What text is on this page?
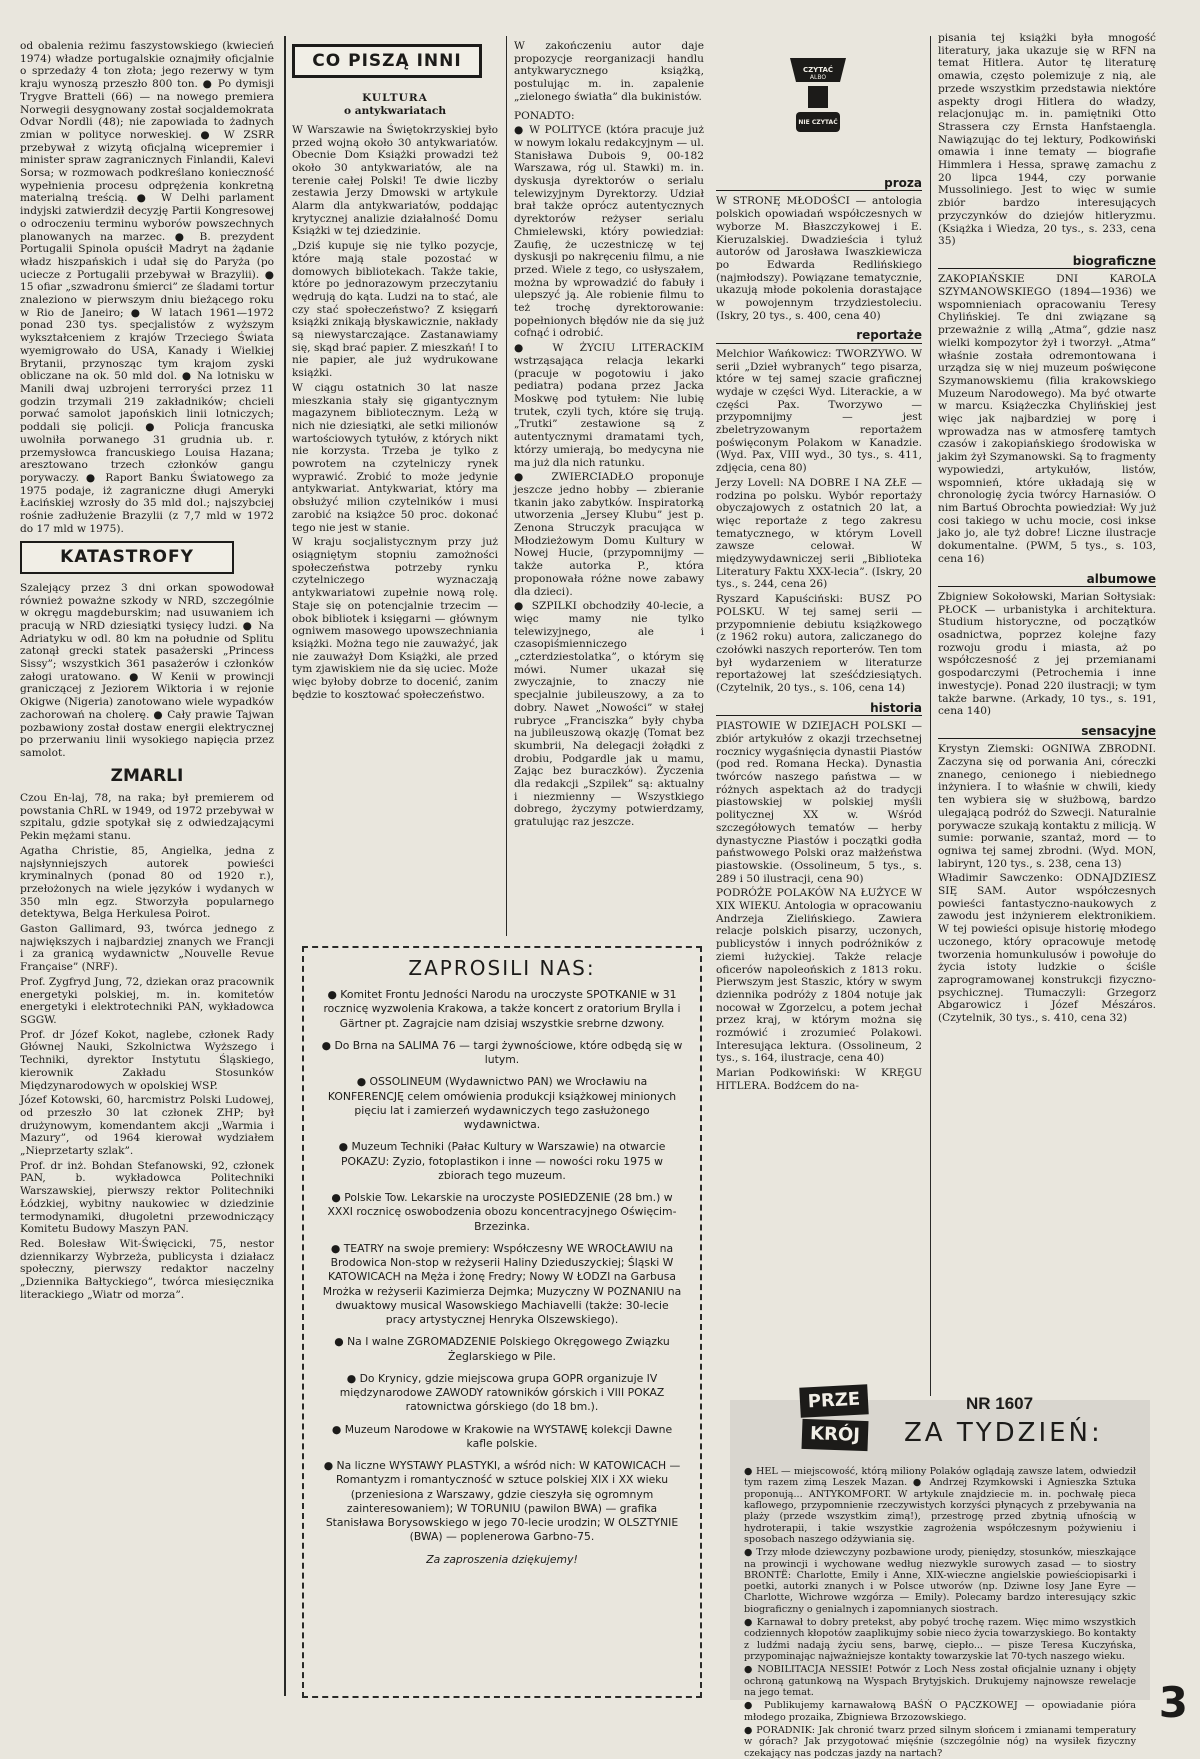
od obalenia reżimu faszystowskiego (kwiecień 1974) władze portugalskie oznajmiły oficjalnie o sprzedaży 4 ton złota; jego rezerwy w tym kraju wynoszą przeszło 800 ton. ● Po dymisji Trygve Bratteli (66) — na nowego premiera Norwegii desygnowany został socjaldemokrata Odvar Nordli (48); nie zapowiada to żadnych zmian w polityce norweskiej. ● W ZSRR przebywał z wizytą oficjalną wicepremier i minister spraw zagranicznych Finlandii, Kalevi Sorsa; w rozmowach podkreślano konieczność wypełnienia procesu odprężenia konkretną materialną treścią. ● W Delhi parlament indyjski zatwierdził decyzję Partii Kongresowej o odroczeniu terminu wyborów powszechnych planowanych na marzec. ● B. prezydent Portugalii Spinola opuścił Madryt na żądanie władz hiszpańskich i udał się do Paryża (po uciecze z Portugalii przebywał w Brazylii). ● 15 ofiar „szwadronu śmierci” ze śladami tortur znaleziono w pierwszym dniu bieżącego roku w Rio de Janeiro; ● W latach 1961—1972 ponad 230 tys. specjalistów z wyższym wykształceniem z krajów Trzeciego Świata wyemigrowało do USA, Kanady i Wielkiej Brytanii, przynosząc tym krajom zyski obliczane na ok. 50 mld dol. ● Na lotnisku w Manili dwaj uzbrojeni terroryści przez 11 godzin trzymali 219 zakładników; chcieli porwać samolot japońskich linii lotniczych; poddali się policji. ● Policja francuska uwolniła porwanego 31 grudnia ub. r. przemysłowca francuskiego Louisa Hazana; aresztowano trzech członków gangu porywaczy. ● Raport Banku Światowego za 1975 podaje, iż zagraniczne długi Ameryki Łacińskiej wzrosły do 35 mld dol.; najszybciej rośnie zadłużenie Brazylii (z 7,7 mld w 1972 do 17 mld w 1975).

KATASTROFY

Szalejący przez 3 dni orkan spowodował również poważne szkody w NRD, szczególnie w okręgu magdeburskim; nad usuwaniem ich pracują w NRD dziesiątki tysięcy ludzi. ● Na Adriatyku w odl. 80 km na południe od Splitu zatonął grecki statek pasażerski „Princess Sissy”; wszystkich 361 pasażerów i członków załogi uratowano. ● W Kenii w prowincji graniczącej z Jeziorem Wiktoria i w rejonie Okigwe (Nigeria) zanotowano wiele wypadków zachorowań na cholerę. ● Cały prawie Tajwan pozbawiony został dostaw energii elektrycznej po przerwaniu linii wysokiego napięcia przez samolot.

ZMARLI

Czou En-laj, 78, na raka; był premierem od powstania ChRL w 1949, od 1972 przebywał w szpitalu, gdzie spotykał się z odwiedzającymi Pekin mężami stanu.

Agatha Christie, 85, Angielka, jedna z najsłynniejszych autorek powieści kryminalnych (ponad 80 od 1920 r.), przełożonych na wiele języków i wydanych w 350 mln egz. Stworzyła popularnego detektywa, Belga Herkulesa Poirot.

Gaston Gallimard, 93, twórca jednego z największych i najbardziej znanych we Francji i za granicą wydawnictw „Nouvelle Revue Française” (NRF).

Prof. Zygfryd Jung, 72, dziekan oraz pracownik energetyki polskiej, m. in. komitetów energetyki i elektrotechniki PAN, wykładowca SGGW.

Prof. dr Józef Kokot, naglebe, członek Rady Głównej Nauki, Szkolnictwa Wyższego i Techniki, dyrektor Instytutu Śląskiego, kierownik Zakładu Stosunków Międzynarodowych w opolskiej WSP.

Józef Kotowski, 60, harcmistrz Polski Ludowej, od przeszło 30 lat członek ZHP; był drużynowym, komendantem akcji „Warmia i Mazury”, od 1964 kierował wydziałem „Nieprzetarty szlak”.

Prof. dr inż. Bohdan Stefanowski, 92, członek PAN, b. wykładowca Politechniki Warszawskiej, pierwszy rektor Politechniki Łódzkiej, wybitny naukowiec w dziedzinie termodynamiki, długoletni przewodniczący Komitetu Budowy Maszyn PAN.

Red. Bolesław Wit-Święcicki, 75, nestor dziennikarzy Wybrzeża, publicysta i działacz społeczny, pierwszy redaktor naczelny „Dziennika Bałtyckiego”, twórca miesięcznika literackiego „Wiatr od morza”.

CO PISZĄ INNI
KULTURA
o antykwariatach

W Warszawie na Świętokrzyskiej było przed wojną około 30 antykwariatów. Obecnie Dom Książki prowadzi też około 30 antykwariatów, ale na terenie całej Polski! Te dwie liczby zestawia Jerzy Dmowski w artykule Alarm dla antykwariatów, poddając krytycznej analizie działalność Domu Książki w tej dziedzinie.

„Dziś kupuje się nie tylko pozycje, które mają stale pozostać w domowych bibliotekach. Także takie, które po jednorazowym przeczytaniu wędrują do kąta. Ludzi na to stać, ale czy stać społeczeństwo? Z księgarń książki znikają błyskawicznie, nakłady są niewystarczające. Zastanawiamy się, skąd brać papier. Z mieszkań! I to nie papier, ale już wydrukowane książki.

W ciągu ostatnich 30 lat nasze mieszkania stały się gigantycznym magazynem bibliotecznym. Leżą w nich nie dziesiątki, ale setki milionów wartościowych tytułów, z których nikt nie korzysta. Trzeba je tylko z powrotem na czytelniczy rynek wyprawić. Zrobić to może jedynie antykwariat. Antykwariat, który ma obsłużyć milion czytelników i musi zarobić na książce 50 proc. dokonać tego nie jest w stanie.

W kraju socjalistycznym przy już osiągniętym stopniu zamożności społeczeństwa potrzeby rynku czytelniczego wyznaczają antykwariatowi zupełnie nową rolę. Staje się on potencjalnie trzecim — obok bibliotek i księgarni — głównym ogniwem masowego upowszechniania książki. Można tego nie zauważyć, jak nie zauważył Dom Książki, ale przed tym zjawiskiem nie da się uciec. Może więc byłoby dobrze to docenić, zanim będzie to kosztować społeczeństwo.

W zakończeniu autor daje propozycje reorganizacji handlu antykwarycznego książką, postulując m. in. zapalenie „zielonego światła” dla bukinistów.

PONADTO:

● W POLITYCE (która pracuje już w nowym lokalu redakcyjnym — ul. Stanisława Dubois 9, 00-182 Warszawa, róg ul. Stawki) m. in. dyskusja dyrektorów o serialu telewizyjnym Dyrektorzy. Udział brał także oprócz autentycznych dyrektorów reżyser serialu Chmielewski, który powiedział: Zaufię, że uczestniczę w tej dyskusji po nakręceniu filmu, a nie przed. Wiele z tego, co usłyszałem, można by wprowadzić do fabuły i ulepszyć ją. Ale robienie filmu to też trochę dyrektorowanie: popełnionych błędów nie da się już cofnąć i odrobić.

● W ŻYCIU LITERACKIM wstrząsająca relacja lekarki (pracuje w pogotowiu i jako pediatra) podana przez Jacka Moskwę pod tytułem: Nie lubię trutek, czyli tych, które się trują. „Trutki” zestawione są z autentycznymi dramatami tych, którzy umierają, bo medycyna nie ma już dla nich ratunku.

● ZWIERCIADŁO proponuje jeszcze jedno hobby — zbieranie tkanin jako zabytków. Inspiratorką utworzenia „Jersey Klubu” jest p. Zenona Struczyk pracująca w Młodzieżowym Domu Kultury w Nowej Hucie, (przypomnijmy — także autorka P., która proponowała różne nowe zabawy dla dzieci).

● SZPILKI obchodziły 40-lecie, a więc mamy nie tylko telewizyjnego, ale i czasopiśmienniczego „czterdziestolatka”, o którym się mówi. Numer ukazał się zwyczajnie, to znaczy nie specjalnie jubileuszowy, a za to dobry. Nawet „Nowości” w stałej rubryce „Franciszka” były chyba na jubileuszową okazję (Tomat bez skumbrii, Na delegacji żołądki z drobiu, Podgardle jak u mamu, Zając bez buraczków). Życzenia dla redakcji „Szpilek” są: aktualny i niezmienny — Wszystkiego dobrego, życzymy potwierdzamy, gratulując raz jeszcze.

ZAPROSILI NAS:

● Komitet Frontu Jedności Narodu na uroczyste SPOTKANIE w 31 rocznicę wyzwolenia Krakowa, a także koncert z oratorium Brylla i Gärtner pt. Zagrajcie nam dzisiaj wszystkie srebrne dzwony.

● Do Brna na SALIMA 76 — targi żywnościowe, które odbędą się w lutym.

● OSSOLINEUM (Wydawnictwo PAN) we Wrocławiu na KONFERENCJĘ celem omówienia produkcji książkowej minionych pięciu lat i zamierzeń wydawniczych tego zasłużonego wydawnictwa.

● Muzeum Techniki (Pałac Kultury w Warszawie) na otwarcie POKAZU: Zyzio, fotoplastikon i inne — nowości roku 1975 w zbiorach tego muzeum.

● Polskie Tow. Lekarskie na uroczyste POSIEDZENIE (28 bm.) w XXXI rocznicę oswobodzenia obozu koncentracyjnego Oświęcim-Brzezinka.

● TEATRY na swoje premiery: Współczesny WE WROCŁAWIU na Brodowica Non-stop w reżyserii Haliny Dzieduszyckiej; Śląski W KATOWICACH na Męża i żonę Fredry; Nowy W ŁODZI na Garbusa Mrożka w reżyserii Kazimierza Dejmka; Muzyczny W POZNANIU na dwuaktowy musical Wasowskiego Machiavelli (także: 30-lecie pracy artystycznej Henryka Olszewskiego).

● Na I walne ZGROMADZENIE Polskiego Okręgowego Związku Żeglarskiego w Pile.

● Do Krynicy, gdzie miejscowa grupa GOPR organizuje IV międzynarodowe ZAWODY ratowników górskich i VIII POKAZ ratownictwa górskiego (do 18 bm.).

● Muzeum Narodowe w Krakowie na WYSTAWĘ kolekcji Dawne kafle polskie.

● Na liczne WYSTAWY PLASTYKI, a wśród nich: W KATOWICACH — Romantyzm i romantyczność w sztuce polskiej XIX i XX wieku (przeniesiona z Warszawy, gdzie cieszyła się ogromnym zainteresowaniem); W TORUNIU (pawilon BWA) — grafika Stanisława Borysowskiego w jego 70-lecie urodzin; W OLSZTYNIE (BWA) — poplenerowa Garbno-75.

Za zaproszenia dziękujemy!

CZYTAĆ
ALBO
NIE CZYTAĆ
proza

W STRONĘ MŁODOŚCI — antologia polskich opowiadań współczesnych w wyborze M. Błaszczykowej i E. Kieruzalskiej. Dwadzieścia i tyluż autorów od Jarosława Iwaszkiewicza po Edwarda Redlińskiego (najmłodszy). Powiązane tematycznie, ukazują młode pokolenia dorastające w powojennym trzydziestoleciu. (Iskry, 20 tys., s. 400, cena 40)

reportaże

Melchior Wańkowicz: TWORZYWO. W serii „Dzieł wybranych” tego pisarza, które w tej samej szacie graficznej wydaje w części Wyd. Literackie, a w części Pax. Tworzywo — przypomnijmy — jest zbeletryzowanym reportażem poświęconym Polakom w Kanadzie. (Wyd. Pax, VIII wyd., 30 tys., s. 411, zdjęcia, cena 80)

Jerzy Lovell: NA DOBRE I NA ZŁE — rodzina po polsku. Wybór reportaży obyczajowych z ostatnich 20 lat, a więc reportaże z tego zakresu tematycznego, w którym Lovell zawsze celował. W międzywydawniczej serii „Biblioteka Literatury Faktu XXX-lecia”. (Iskry, 20 tys., s. 244, cena 26)

Ryszard Kapuściński: BUSZ PO POLSKU. W tej samej serii — przypomnienie debiutu książkowego (z 1962 roku) autora, zaliczanego do czołówki naszych reporterów. Ten tom był wydarzeniem w literaturze reportażowej lat sześćdziesiątych. (Czytelnik, 20 tys., s. 106, cena 14)

historia

PIASTOWIE W DZIEJACH POLSKI — zbiór artykułów z okazji trzechsetnej rocznicy wygaśnięcia dynastii Piastów (pod red. Romana Hecka). Dynastia twórców naszego państwa — w różnych aspektach aż do tradycji piastowskiej w polskiej myśli politycznej XX w. Wśród szczegółowych tematów — herby dynastyczne Piastów i początki godła państwowego Polski oraz małżeństwa piastowskie. (Ossolineum, 5 tys., s. 289 i 50 ilustracji, cena 90)

PODRÓŻE POLAKÓW NA ŁUŻYCE W XIX WIEKU. Antologia w opracowaniu Andrzeja Zielińskiego. Zawiera relacje polskich pisarzy, uczonych, publicystów i innych podróżników z ziemi łużyckiej. Także relacje oficerów napoleońskich z 1813 roku. Pierwszym jest Staszic, który w swym dziennika podróży z 1804 notuje jak nocował w Zgorzelcu, a potem jechał przez kraj, w którym można się rozmówić i zrozumieć Polakowi. Interesująca lektura. (Ossolineum, 2 tys., s. 164, ilustracje, cena 40)

Marian Podkowiński: W KRĘGU HITLERA. Bodźcem do na-

pisania tej książki była mnogość literatury, jaka ukazuje się w RFN na temat Hitlera. Autor tę literaturę omawia, często polemizuje z nią, ale przede wszystkim przedstawia niektóre aspekty drogi Hitlera do władzy, relacjonując m. in. pamiętniki Otto Strassera czy Ernsta Hanfstaengla. Nawiązując do tej lektury, Podkowiński omawia i inne tematy — biografie Himmlera i Hessa, sprawę zamachu z 20 lipca 1944, czy porwanie Mussoliniego. Jest to więc w sumie zbiór bardzo interesujących przyczynków do dziejów hitleryzmu. (Książka i Wiedza, 20 tys., s. 233, cena 35)

biograficzne

ZAKOPIAŃSKIE DNI KAROLA SZYMANOWSKIEGO (1894—1936) we wspomnieniach opracowaniu Teresy Chylińskiej. Te dni związane są przeważnie z willą „Atma”, gdzie nasz wielki kompozytor żył i tworzył. „Atma” właśnie została odremontowana i urządza się w niej muzeum poświęcone Szymanowskiemu (filia krakowskiego Muzeum Narodowego). Ma być otwarte w marcu. Książeczka Chylińskiej jest więc jak najbardziej w porę i wprowadza nas w atmosferę tamtych czasów i zakopiańskiego środowiska w jakim żył Szymanowski. Są to fragmenty wypowiedzi, artykułów, listów, wspomnień, które układają się w chronologię życia twórcy Harnasiów. O nim Bartuś Obrochta powiedział: Wy już cosi takiego w uchu mocie, cosi inkse jako jo, ale tyż dobre! Liczne ilustracje dokumentalne. (PWM, 5 tys., s. 103, cena 16)

albumowe

Zbigniew Sokołowski, Marian Sołtysiak: PŁOCK — urbanistyka i architektura. Studium historyczne, od początków osadnictwa, poprzez kolejne fazy rozwoju grodu i miasta, aż po współczesność z jej przemianami gospodarczymi (Petrochemia i inne inwestycje). Ponad 220 ilustracji; w tym także barwne. (Arkady, 10 tys., s. 191, cena 140)

sensacyjne

Krystyn Ziemski: OGNIWA ZBRODNI. Zaczyna się od porwania Ani, córeczki znanego, cenionego i niebiednego inżyniera. I to właśnie w chwili, kiedy ten wybiera się w służbową, bardzo ulegającą podróż do Szwecji. Naturalnie porywacze szukają kontaktu z milicją. W sumie: porwanie, szantaż, mord — to ogniwa tej samej zbrodni. (Wyd. MON, labirynt, 120 tys., s. 238, cena 13)

Władimir Sawczenko: ODNAJDZIESZ SIĘ SAM. Autor współczesnych powieści fantastyczno-naukowych z zawodu jest inżynierem elektronikiem. W tej powieści opisuje historię młodego uczonego, który opracowuje metodę tworzenia homunkulusów i powołuje do życia istoty ludzkie o ściśle zaprogramowanej konstrukcji fizyczno-psychicznej. Tłumaczyli: Grzegorz Abgarowicz i Józef Mészáros. (Czytelnik, 30 tys., s. 410, cena 32)

● HEL — miejscowość, którą miliony Polaków oglądają zawsze latem, odwiedził tym razem zimą Leszek Mazan. ● Andrzej Rzymkowski i Agnieszka Sztuka proponują... ANTYKOMFORT. W artykule znajdziecie m. in. pochwałę pieca kaflowego, przypomnienie rzeczywistych korzyści płynących z przebywania na plaży (przede wszystkim zimą!), przestrogę przed zbytnią ufnością w hydroterapii, i takie wszystkie zagrożenia współczesnym pożywieniu i sposobach naszego odżywiania się.

● Trzy młode dziewczyny pozbawione urody, pieniędzy, stosunków, mieszkające na prowincji i wychowane według niezwykle surowych zasad — to siostry BRONTË: Charlotte, Emily i Anne, XIX-wieczne angielskie powieściopisarki i poetki, autorki znanych i w Polsce utworów (np. Dziwne losy Jane Eyre — Charlotte, Wichrowe wzgórza — Emily). Polecamy bardzo interesujący szkic biograficzny o genialnych i zapomnianych siostrach.

● Karnawał to dobry pretekst, aby pobyć trochę razem. Więc mimo wszystkich codziennych kłopotów zaaplikujmy sobie nieco życia towarzyskiego. Bo kontakty z ludźmi nadają życiu sens, barwę, ciepło... — pisze Teresa Kuczyńska, przypominając najważniejsze kontakty towarzyskie lat 70-tych naszego wieku.

● NOBILITACJA NESSIE! Potwór z Loch Ness został oficjalnie uznany i objęty ochroną gatunkową na Wyspach Brytyjskich. Drukujemy najnowsze rewelacje na jego temat.

● Publikujemy karnawałową BAŚŃ O PĄCZKOWEJ — opowiadanie pióra młodego prozaika, Zbigniewa Brzozowskiego.

● PORADNIK: Jak chronić twarz przed silnym słońcem i zmianami temperatury w górach? Jak przygotować mięśnie (szczególnie nóg) na wysiłek fizyczny czekający nas podczas jazdy na nartach?

PRZE
KRÓJ
NR 1607
ZA TYDZIEŃ:
3
